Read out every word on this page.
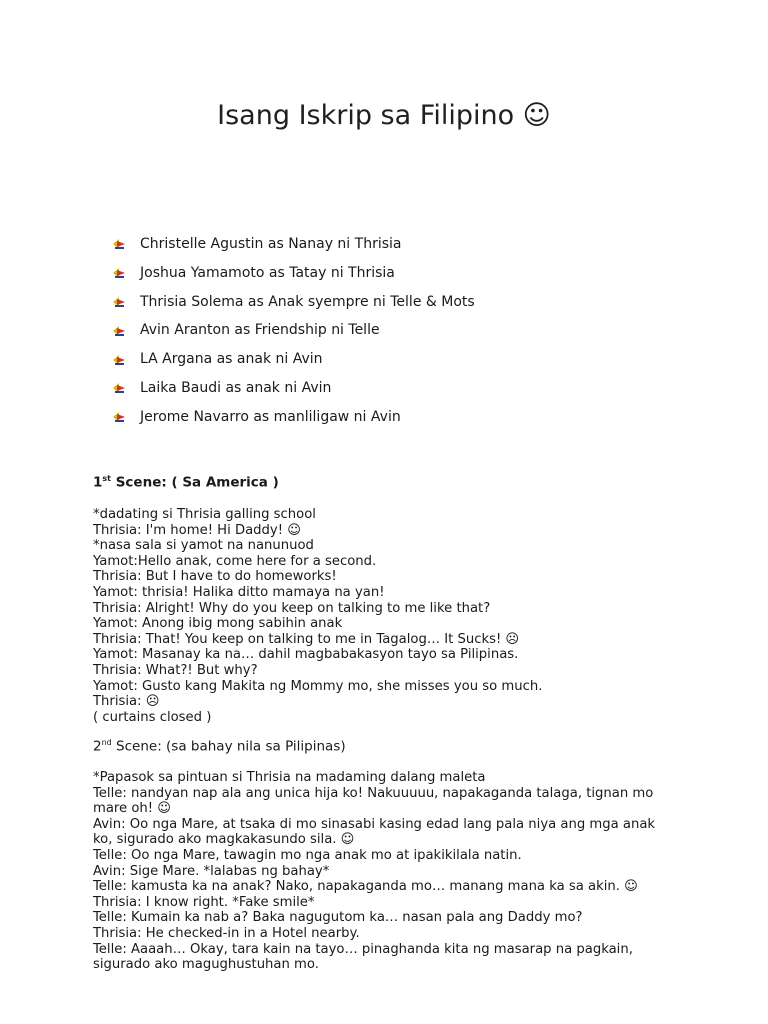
Isang Iskrip sa Filipino ☺
Christelle Agustin as Nanay ni Thrisia
Joshua Yamamoto as Tatay ni Thrisia
Thrisia Solema as Anak syempre ni Telle & Mots
Avin Aranton as Friendship ni Telle
LA Argana as anak ni Avin
Laika Baudi as anak ni Avin
Jerome Navarro as manliligaw ni Avin
1st Scene: ( Sa America )
*dadating si Thrisia galling school
Thrisia: I'm home! Hi Daddy! ☺
*nasa sala si yamot na nanunuod
Yamot:Hello anak, come here for a second.
Thrisia: But I have to do homeworks!
Yamot: thrisia! Halika ditto mamaya na yan!
Thrisia: Alright! Why do you keep on talking to me like that?
Yamot: Anong ibig mong sabihin anak
Thrisia: That! You keep on talking to me in Tagalog… It Sucks! ☹
Yamot: Masanay ka na… dahil magbabakasyon tayo sa Pilipinas.
Thrisia: What?! But why?
Yamot: Gusto kang Makita ng Mommy mo, she misses you so much.
Thrisia: ☹
( curtains closed )
2nd Scene: (sa bahay nila sa Pilipinas)
*Papasok sa pintuan si Thrisia na madaming dalang maleta
Telle: nandyan nap ala ang unica hija ko! Nakuuuuu, napakaganda talaga, tignan mo mare oh! ☺
Avin: Oo nga Mare, at tsaka di mo sinasabi kasing edad lang pala niya ang mga anak ko, sigurado ako magkakasundo sila. ☺
Telle: Oo nga Mare, tawagin mo nga anak mo at ipakikilala natin.
Avin: Sige Mare. *lalabas ng bahay*
Telle: kamusta ka na anak? Nako, napakaganda mo… manang mana ka sa akin. ☺
Thrisia: I know right. *Fake smile*
Telle: Kumain ka nab a? Baka nagugutom ka… nasan pala ang Daddy mo?
Thrisia: He checked-in in a Hotel nearby.
Telle: Aaaah… Okay, tara kain na tayo… pinaghanda kita ng masarap na pagkain, sigurado ako magughustuhan mo.
